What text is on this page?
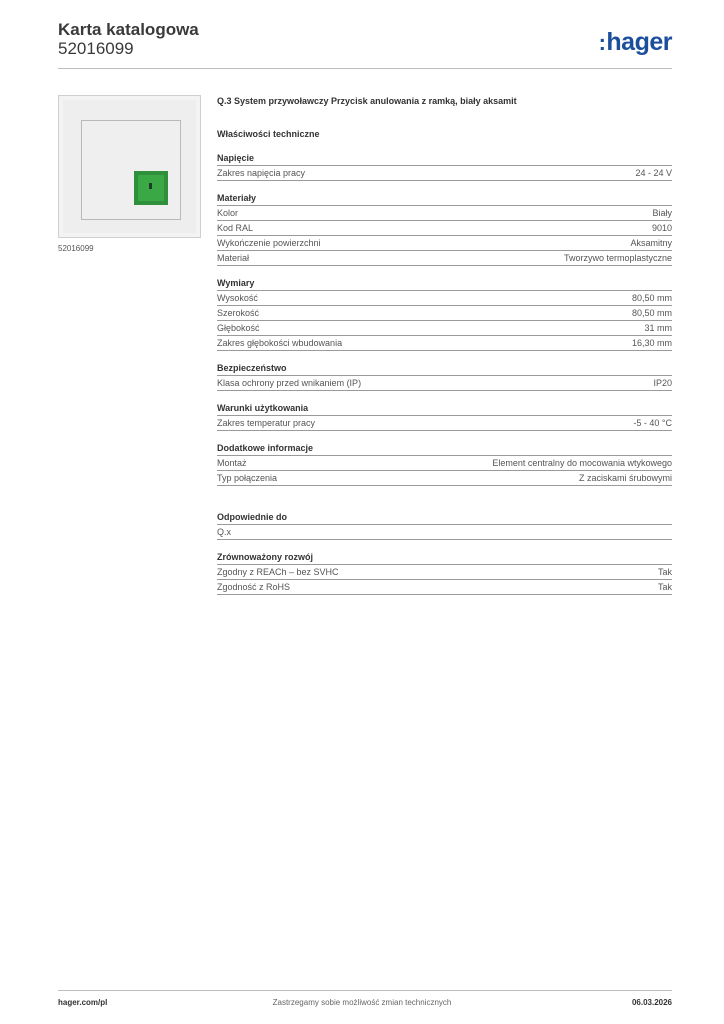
Karta katalogowa
52016099	:hager
52016099
Q.3 System przywoławczy Przycisk anulowania z ramką, biały aksamit
Właściwości techniczne
Napięcie
Zakres napięcia pracy	24 - 24 V
Materiały
Kolor	Biały
Kod RAL	9010
Wykończenie powierzchni	Aksamitny
Materiał	Tworzywo termoplastyczne
Wymiary
Wysokość	80,50 mm
Szerokość	80,50 mm
Głębokość	31 mm
Zakres głębokości wbudowania	16,30 mm
Bezpieczeństwo
Klasa ochrony przed wnikaniem (IP)	IP20
Warunki użytkowania
Zakres temperatur pracy	-5 - 40 °C
Dodatkowe informacje
Montaż	Element centralny do mocowania wtykowego
Typ połączenia	Z zaciskami śrubowymi
Odpowiednie do
Q.x
Zrównoważony rozwój
Zgodny z REACh – bez SVHC	Tak
Zgodność z RoHS	Tak
Zastrzegamy sobie możliwość zmian technicznych
hager.com/pl	06.03.2026
